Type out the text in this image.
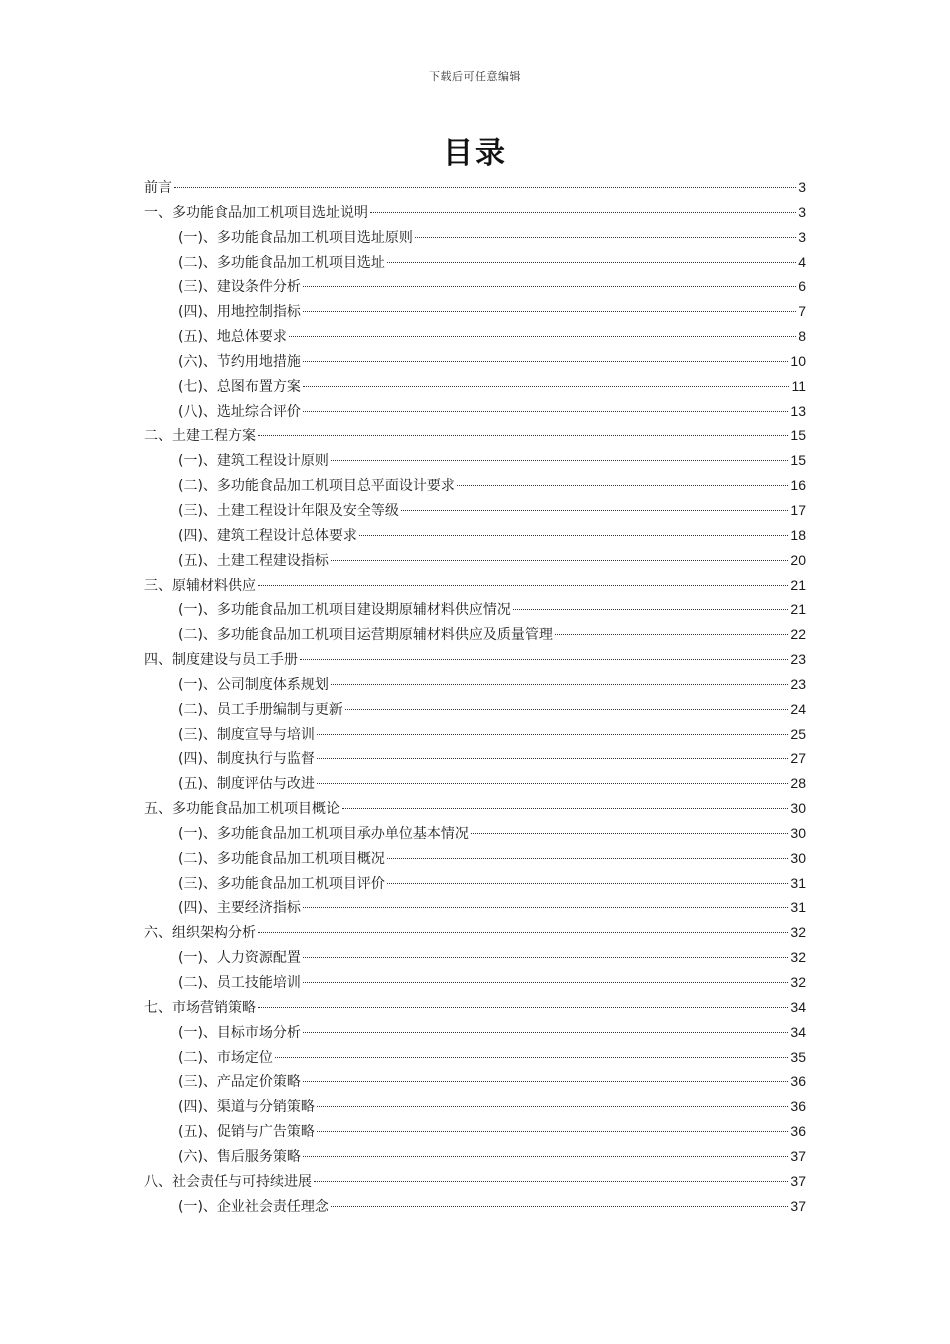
下载后可任意编辑
目录
前言	3
一、多功能食品加工机项目选址说明	3
(一)、多功能食品加工机项目选址原则	3
(二)、多功能食品加工机项目选址	4
(三)、建设条件分析	6
(四)、用地控制指标	7
(五)、地总体要求	8
(六)、节约用地措施	10
(七)、总图布置方案	11
(八)、选址综合评价	13
二、土建工程方案	15
(一)、建筑工程设计原则	15
(二)、多功能食品加工机项目总平面设计要求	16
(三)、土建工程设计年限及安全等级	17
(四)、建筑工程设计总体要求	18
(五)、土建工程建设指标	20
三、原辅材料供应	21
(一)、多功能食品加工机项目建设期原辅材料供应情况	21
(二)、多功能食品加工机项目运营期原辅材料供应及质量管理	22
四、制度建设与员工手册	23
(一)、公司制度体系规划	23
(二)、员工手册编制与更新	24
(三)、制度宣导与培训	25
(四)、制度执行与监督	27
(五)、制度评估与改进	28
五、多功能食品加工机项目概论	30
(一)、多功能食品加工机项目承办单位基本情况	30
(二)、多功能食品加工机项目概况	30
(三)、多功能食品加工机项目评价	31
(四)、主要经济指标	31
六、组织架构分析	32
(一)、人力资源配置	32
(二)、员工技能培训	32
七、市场营销策略	34
(一)、目标市场分析	34
(二)、市场定位	35
(三)、产品定价策略	36
(四)、渠道与分销策略	36
(五)、促销与广告策略	36
(六)、售后服务策略	37
八、社会责任与可持续进展	37
(一)、企业社会责任理念	37
